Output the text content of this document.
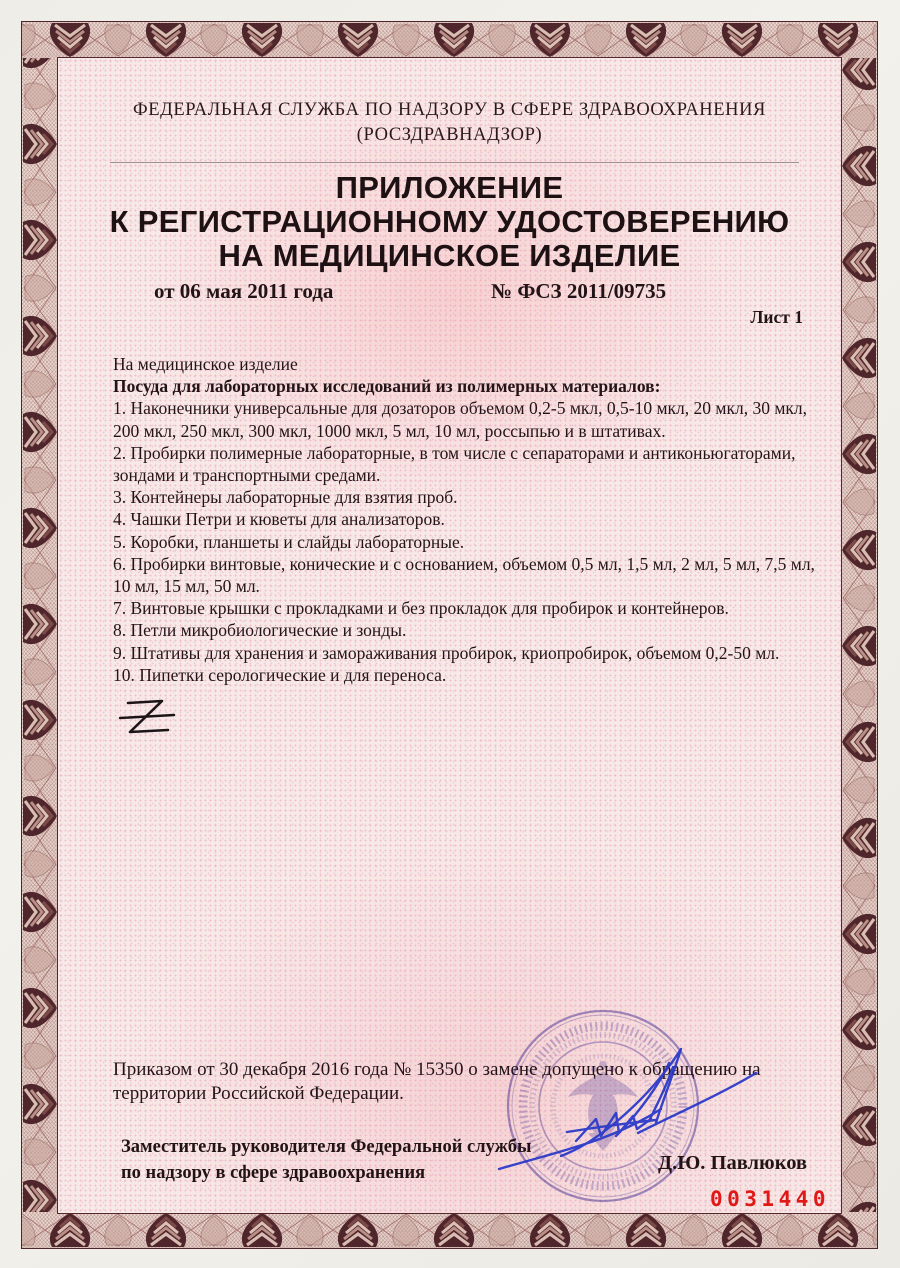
ФЕДЕРАЛЬНАЯ СЛУЖБА ПО НАДЗОРУ В СФЕРЕ ЗДРАВООХРАНЕНИЯ
(РОСЗДРАВНАДЗОР)
ПРИЛОЖЕНИЕ
К РЕГИСТРАЦИОННОМУ УДОСТОВЕРЕНИЮ
НА МЕДИЦИНСКОЕ ИЗДЕЛИЕ
от 06 мая 2011 года	№ ФСЗ 2011/09735
Лист 1

На медицинское изделие

Посуда для лабораторных исследований из полимерных материалов:

1. Наконечники универсальные для дозаторов объемом 0,2-5 мкл, 0,5-10 мкл, 20 мкл, 30 мкл, 200 мкл, 250 мкл, 300 мкл, 1000 мкл, 5 мл, 10 мл, россыпью и в штативах.

2. Пробирки полимерные лабораторные, в том числе с сепараторами и антиконьюгаторами, зондами и транспортными средами.

3. Контейнеры лабораторные для взятия проб.

4. Чашки Петри и кюветы для анализаторов.

5. Коробки, планшеты и слайды лабораторные.

6. Пробирки винтовые, конические и с основанием, объемом 0,5 мл, 1,5 мл, 2 мл, 5 мл, 7,5 мл, 10 мл, 15 мл, 50 мл.

7. Винтовые крышки с прокладками и без прокладок для пробирок и контейнеров.

8. Петли микробиологические и зонды.

9. Штативы для хранения и замораживания пробирок, криопробирок, объемом 0,2-50 мл.

10. Пипетки серологические и для переноса.

Приказом от 30 декабря 2016 года № 15350 о замене допущено к обращению на территории Российской Федерации.
Заместитель руководителя Федеральной службы
по надзору в сфере здравоохранения	Д.Ю. Павлюков
0031440
